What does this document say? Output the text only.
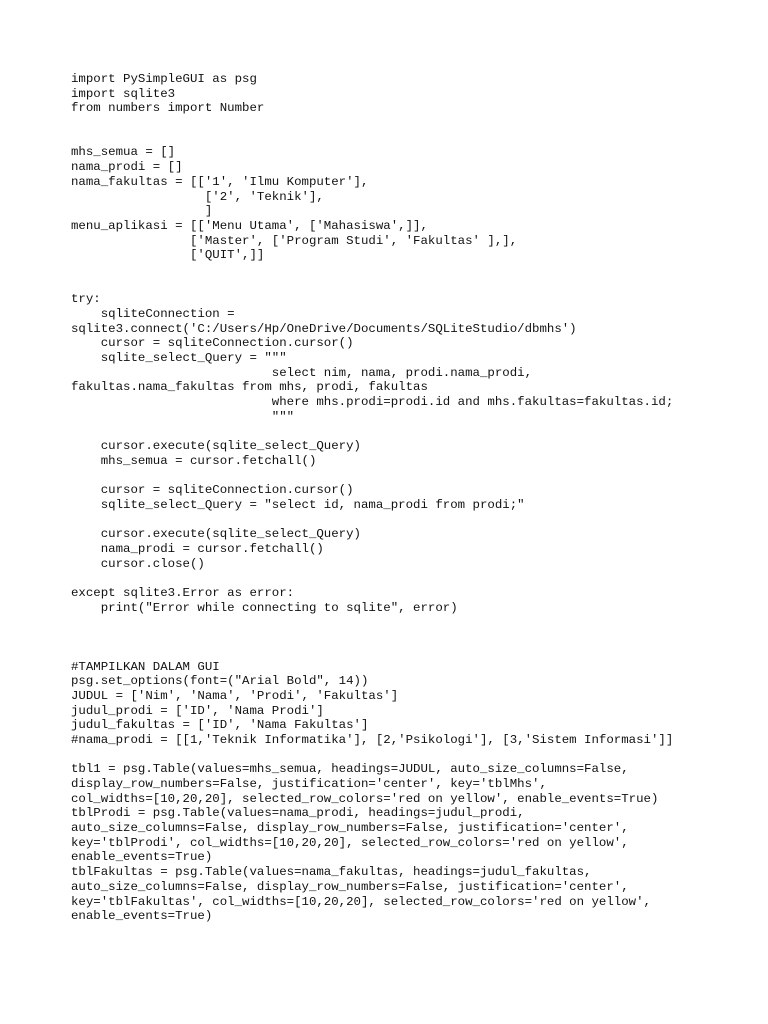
import PySimpleGUI as psg
import sqlite3
from numbers import Number
mhs_semua = []
nama_prodi = []
nama_fakultas = [['1', 'Ilmu Komputer'],
['2', 'Teknik'],
]
menu_aplikasi = [['Menu Utama', ['Mahasiswa',]],
['Master', ['Program Studi', 'Fakultas' ],],
['QUIT',]]
try:
sqliteConnection =
sqlite3.connect('C:/Users/Hp/OneDrive/Documents/SQLiteStudio/dbmhs')
cursor = sqliteConnection.cursor()
sqlite_select_Query = """
select nim, nama, prodi.nama_prodi,
fakultas.nama_fakultas from mhs, prodi, fakultas
where mhs.prodi=prodi.id and mhs.fakultas=fakultas.id;
"""
cursor.execute(sqlite_select_Query)
mhs_semua = cursor.fetchall()
cursor = sqliteConnection.cursor()
sqlite_select_Query = "select id, nama_prodi from prodi;"
cursor.execute(sqlite_select_Query)
nama_prodi = cursor.fetchall()
cursor.close()
except sqlite3.Error as error:
print("Error while connecting to sqlite", error)
#TAMPILKAN DALAM GUI
psg.set_options(font=("Arial Bold", 14))
JUDUL = ['Nim', 'Nama', 'Prodi', 'Fakultas']
judul_prodi = ['ID', 'Nama Prodi']
judul_fakultas = ['ID', 'Nama Fakultas']
#nama_prodi = [[1,'Teknik Informatika'], [2,'Psikologi'], [3,'Sistem Informasi']]
tbl1 = psg.Table(values=mhs_semua, headings=JUDUL, auto_size_columns=False,
display_row_numbers=False, justification='center', key='tblMhs',
col_widths=[10,20,20], selected_row_colors='red on yellow', enable_events=True)
tblProdi = psg.Table(values=nama_prodi, headings=judul_prodi,
auto_size_columns=False, display_row_numbers=False, justification='center',
key='tblProdi', col_widths=[10,20,20], selected_row_colors='red on yellow',
enable_events=True)
tblFakultas = psg.Table(values=nama_fakultas, headings=judul_fakultas,
auto_size_columns=False, display_row_numbers=False, justification='center',
key='tblFakultas', col_widths=[10,20,20], selected_row_colors='red on yellow',
enable_events=True)
